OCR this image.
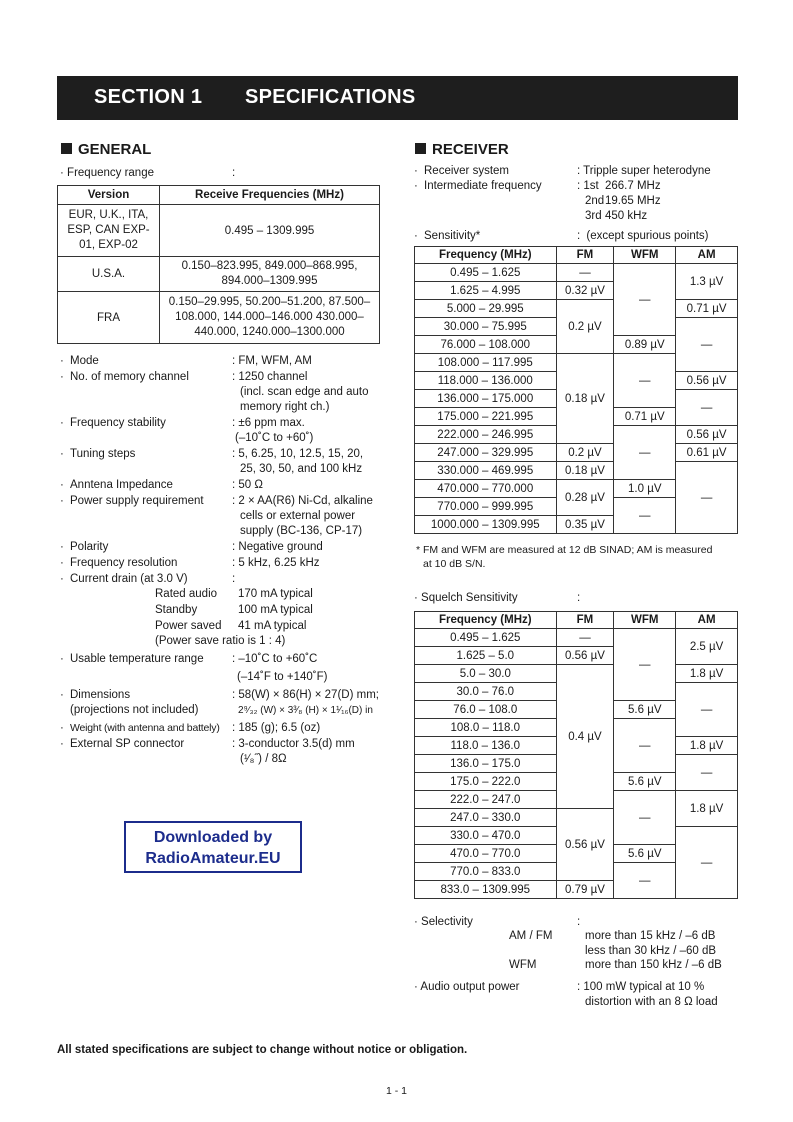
SECTION 1 SPECIFICATIONS
GENERAL
· Frequency range	:
Version	Receive Frequencies (MHz)
EUR, U.K., ITA, ESP, CAN EXP-01, EXP-02	0.495 – 1309.995
U.S.A.	0.150–823.995, 849.000–868.995, 894.000–1309.995
FRA	0.150–29.995, 50.200–51.200, 87.500–108.000, 144.000–146.000 430.000–440.000, 1240.000–1300.000
· Mode	: FM, WFM, AM
· No. of memory channel	: 1250 channel
(incl. scan edge and auto
memory right ch.)
· Frequency stability	: ±6 ppm max.
(–10˚C to +60˚)
· Tuning steps	: 5, 6.25, 10, 12.5, 15, 20,
25, 30, 50, and 100 kHz
· Anntena Impedance	: 50 Ω
· Power supply requirement	: 2 × AA(R6) Ni-Cd, alkaline
cells or external power
supply (BC-136, CP-17)
· Polarity	: Negative ground
· Frequency resolution	: 5 kHz, 6.25 kHz
· Current drain (at 3.0 V)	:
Rated audio 170 mA typical
Standby	100 mA typical
Power saved 41 mA typical
(Power save ratio is 1 : 4)
· Usable temperature range	: –10˚C to +60˚C
(–14˚F to +140˚F)
· Dimensions
(projections not included)
: 58(W) × 86(H) × 27(D) mm;
2⁹⁄₃₂ (W) × 3³⁄₈ (H) × 1¹⁄₁₆(D) in
· Weight (with antenna and battely)	: 185 (g); 6.5 (oz)
· External SP connector	: 3-conductor 3.5(d) mm
(¹⁄₈˝) / 8Ω
Downloaded by
RadioAmateur.EU
RECEIVER
· Receiver system	: Tripple super heterodyne
· Intermediate frequency	: 1st 266.7 MHz
2nd19.65 MHz
3rd 450 kHz
· Sensitivity*	: (except spurious points)
Frequency (MHz)	FM	WFM	AM
0.495 – 1.625	—	—	1.3 µV
1.625 – 4.995	0.32 µV		
5.000 – 29.995	0.2 µV		0.71 µV
30.000 – 75.995			—
76.000 – 108.000		0.89 µV	
108.000 – 117.995	0.18 µV	—	
118.000 – 136.000			0.56 µV
136.000 – 175.000			—
175.000 – 221.995		0.71 µV	
222.000 – 246.995		—	0.56 µV
247.000 – 329.995	0.2 µV		0.61 µV
330.000 – 469.995	0.18 µV		—
470.000 – 770.000	0.28 µV	1.0 µV	
770.000 – 999.995		—	
1000.000 – 1309.995	0.35 µV		
* FM and WFM are measured at 12 dB SINAD; AM is measured
at 10 dB S/N.
· Squelch Sensitivity	:
Frequency (MHz)	FM	WFM	AM
0.495 – 1.625	—	—	2.5 µV
1.625 – 5.0	0.56 µV		
5.0 – 30.0	0.4 µV		1.8 µV
30.0 – 76.0			—
76.0 – 108.0		5.6 µV	
108.0 – 118.0		—	
118.0 – 136.0			1.8 µV
136.0 – 175.0			—
175.0 – 222.0		5.6 µV	
222.0 – 247.0		—	1.8 µV
247.0 – 330.0	0.56 µV		
330.0 – 470.0			—
470.0 – 770.0		5.6 µV	
770.0 – 833.0		—	
833.0 – 1309.995	0.79 µV		
· Selectivity	:
AM / FM	more than 15 kHz / –6 dB
less than 30 kHz / –60 dB
WFM	more than 150 kHz / –6 dB
· Audio output power	: 100 mW typical at 10 %
distortion with an 8 Ω load
All stated specifications are subject to change without notice or obligation.
1 - 1
